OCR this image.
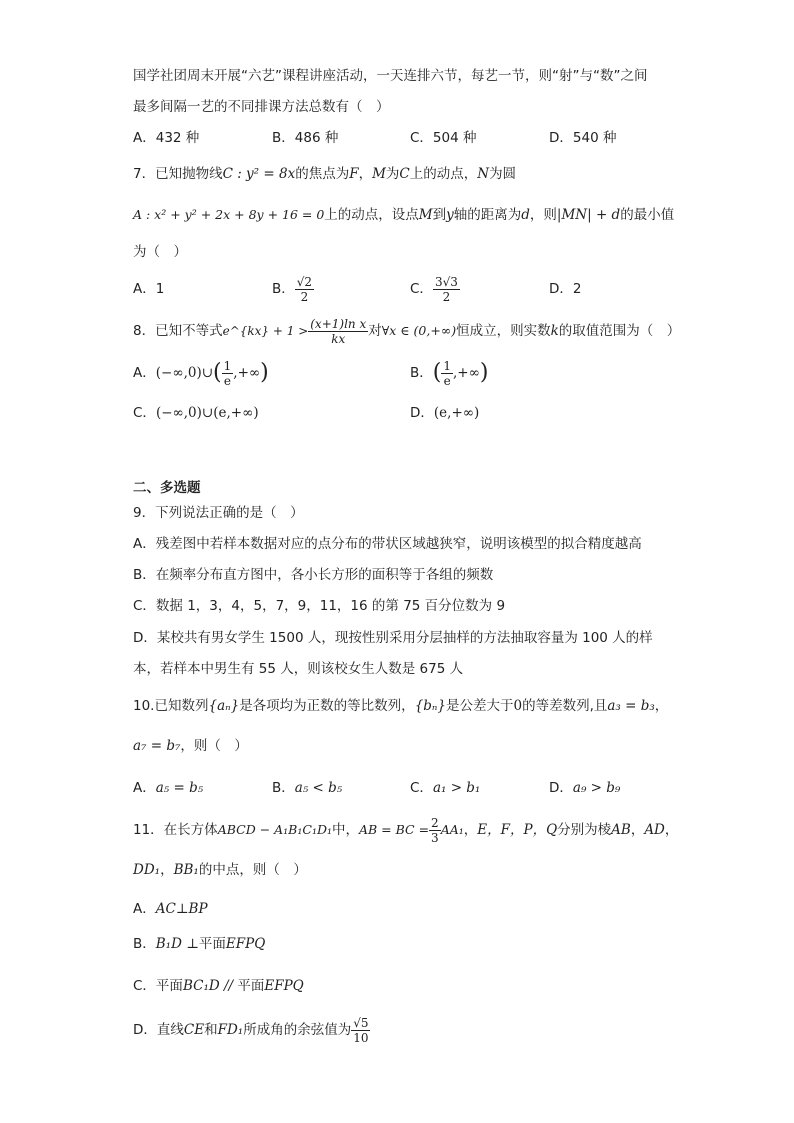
国学社团周末开展“六艺”课程讲座活动，一天连排六节，每艺一节，则“射”与“数”之间
最多间隔一艺的不同排课方法总数有（　）
A．432 种	B．486 种	C．504 种	D．540 种
7．已知抛物线C : y² = 8x的焦点为F，M为C上的动点，N为圆
A : x² + y² + 2x + 8y + 16 = 0上的动点，设点M到y轴的距离为d，则|MN| + d的最小值
为（　）
A．1	B． $\frac{√2}{2}$	C． $\frac{3√3}{2}$	D．2
8．已知不等式e^{kx} + $1 > \frac{\text{(x+1)ln x}}{kx}$ 对∀x ∈ (0,+∞)恒成立，则实数k的取值范围为（　）
A．(−∞,0)∪( $\frac{1}{e}$ ,+∞)	B．( $\frac{1}{e}$ ,+∞)
C．(−∞,0)∪(e,+∞)	D．(e,+∞)
二、多选题
9．下列说法正确的是（　）
A．残差图中若样本数据对应的点分布的带状区域越狭窄，说明该模型的拟合精度越高
B．在频率分布直方图中，各小长方形的面积等于各组的频数
C．数据 1，3，4，5，7，9，11，16 的第 75 百分位数为 9
D．某校共有男女学生 1500 人，现按性别采用分层抽样的方法抽取容量为 100 人的样
本，若样本中男生有 55 人，则该校女生人数是 675 人
10.已知数列{aₙ}是各项均为正数的等比数列，{bₙ}是公差大于0的等差数列,且a₃ = b₃，
a₇ = b₇，则（　）
A．a₅ = b₅	B．a₅ < b₅	C．a₁ > b₁	D．a₉ > b₉
11．在长方体ABCD − A₁B₁C₁D₁中，AB = BC = $\frac{2}{3} AA_1$，E，F，P，Q分别为棱AB，AD，
DD₁，BB₁的中点，则（　）
A．AC⊥BP
B．B₁D ⊥平面EFPQ
C．平面BC₁D // 平面EFPQ
D．直线CE和FD₁所成角的余弦值为 $\frac{√5}{10}$
